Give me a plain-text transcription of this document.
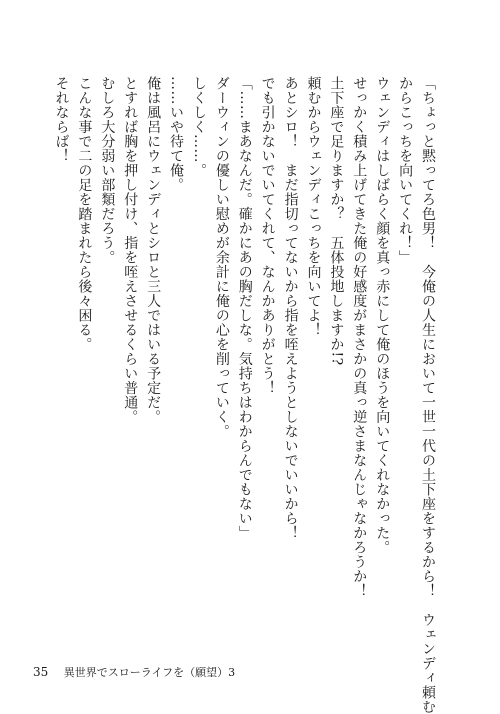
「ちょっと黙ってろ色男！　今俺の人生において一世一代の土下座をするから！　ウェンディ頼む
からこっちを向いてくれ！」
ウェンディはしばらく顔を真っ赤にして俺のほうを向いてくれなかった。
せっかく積み上げてきた俺の好感度がまさかの真っ逆さまなんじゃなかろうか！
土下座で足りますか？　五体投地しますか!?
頼むからウェンディこっちを向いてよ！
あとシロ！　まだ指切ってないから指を咥えようとしないでいいから！
でも引かないでいてくれて、なんかありがとう！
「……まあなんだ。確かにあの胸だしな。気持ちはわからんでもない」
ダーウィンの優しい慰めが余計に俺の心を削っていく。
しくしく……。
……いや待て俺。
俺は風呂にウェンディとシロと三人ではいる予定だ。
とすれば胸を押し付け、指を咥えさせるくらい普通。
むしろ大分弱い部類だろう。
こんな事で二の足を踏まれたら後々困る。
それならば！
35 異世界でスローライフを（願望）3
